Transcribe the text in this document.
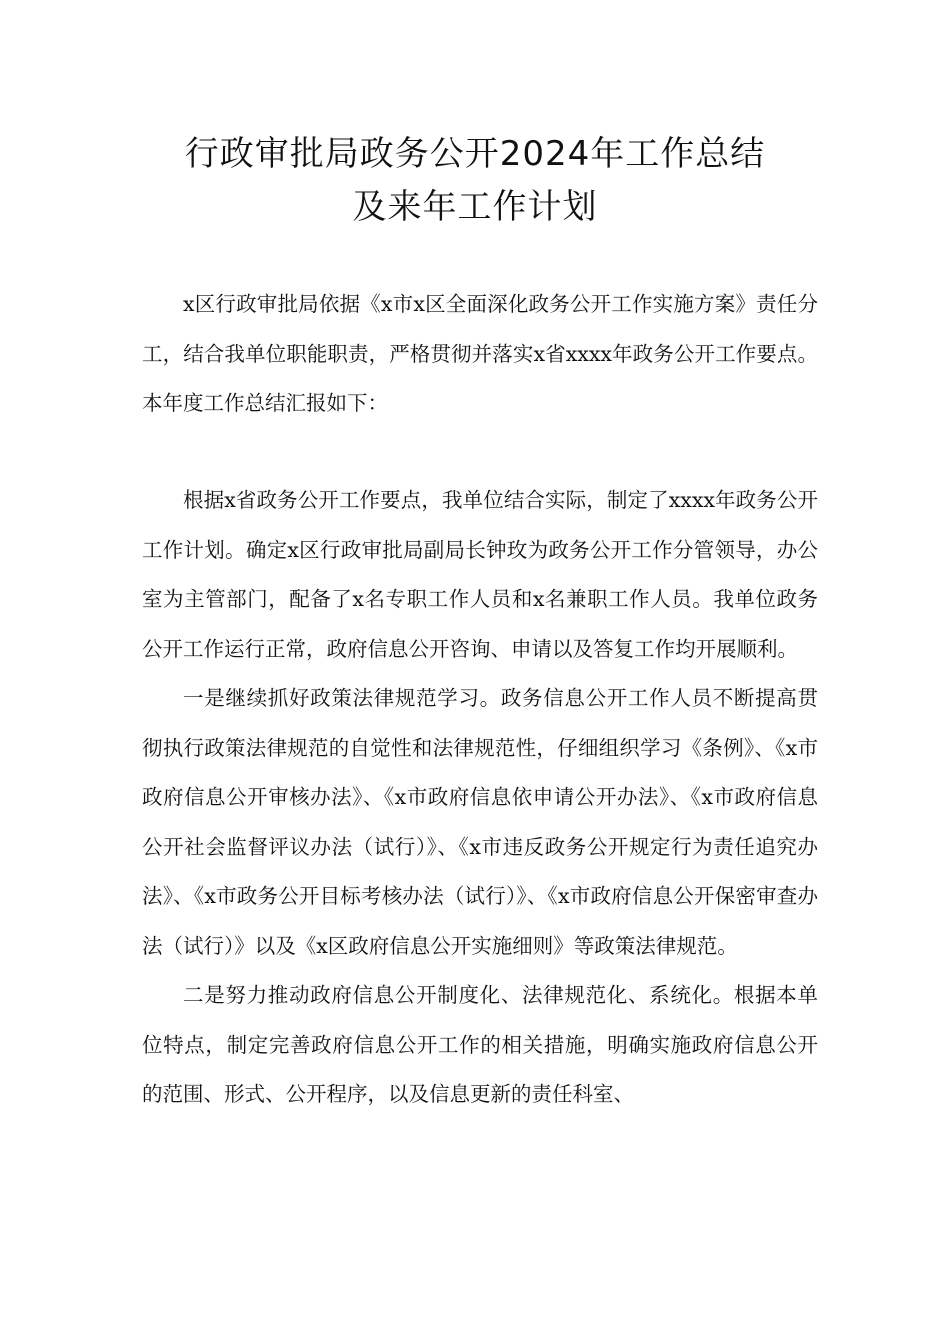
行政审批局政务公开2024年工作总结
及来年工作计划

x区行政审批局依据《x市x区全面深化政务公开工作实施方案》责任分工，结合我单位职能职责，严格贯彻并落实x省xxxx年政务公开工作要点。本年度工作总结汇报如下：

根据x省政务公开工作要点，我单位结合实际，制定了xxxx年政务公开工作计划。确定x区行政审批局副局长钟玫为政务公开工作分管领导，办公室为主管部门，配备了x名专职工作人员和x名兼职工作人员。我单位政务公开工作运行正常，政府信息公开咨询、申请以及答复工作均开展顺利。

一是继续抓好政策法律规范学习。政务信息公开工作人员不断提高贯彻执行政策法律规范的自觉性和法律规范性，仔细组织学习《条例》、《x市政府信息公开审核办法》、《x市政府信息依申请公开办法》、《x市政府信息公开社会监督评议办法（试行）》、《x市违反政务公开规定行为责任追究办法》、《x市政务公开目标考核办法（试行）》、《x市政府信息公开保密审查办法（试行）》以及《x区政府信息公开实施细则》等政策法律规范。

二是努力推动政府信息公开制度化、法律规范化、系统化。根据本单位特点，制定完善政府信息公开工作的相关措施，明确实施政府信息公开的范围、形式、公开程序，以及信息更新的责任科室、
